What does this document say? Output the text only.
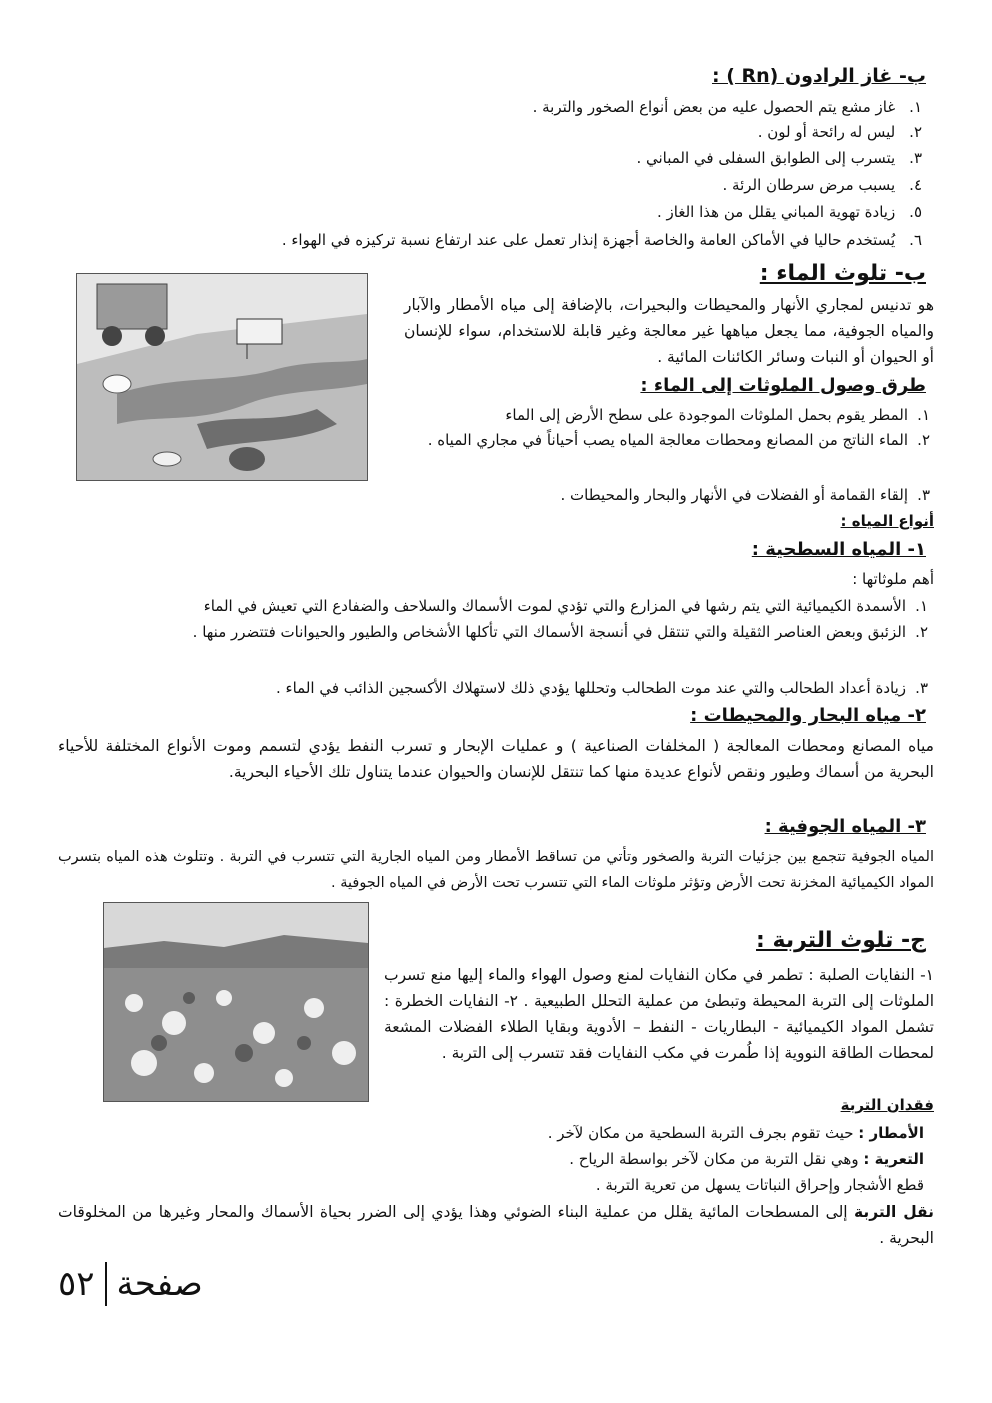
ب- غاز الرادون (Rn ) :
١. غاز مشع يتم الحصول عليه من بعض أنواع الصخور والتربة .
٢. ليس له رائحة أو لون .
٣. يتسرب إلى الطوابق السفلى في المباني .
٤. يسبب مرض سرطان الرئة .
٥. زيادة تهوية المباني يقلل من هذا الغاز .
٦. يُستخدم حاليا في الأماكن العامة والخاصة أجهزة إنذار تعمل على عند ارتفاع نسبة تركيزه في الهواء .
ب- تلوث الماء :
هو تدنيس لمجاري الأنهار والمحيطات والبحيرات، بالإضافة إلى مياه الأمطار والآبار والمياه الجوفية، مما يجعل مياهها غير معالجة وغير قابلة للاستخدام، سواء للإنسان أو الحيوان أو النبات وسائر الكائنات المائية .
طرق وصول الملوثات إلى الماء :
١.المطر يقوم بحمل الملوثات الموجودة على سطح الأرض إلى الماء
٢.الماء الناتج من المصانع ومحطات معالجة المياه يصب أحياناً في مجاري المياه .
٣.إلقاء القمامة أو الفضلات في الأنهار والبحار والمحيطات .
أنواع المياه :
١- المياه السطحية :
أهم ملوثاتها :
١.الأسمدة الكيميائية التي يتم رشها في المزارع والتي تؤدي لموت الأسماك والسلاحف والضفادع التي تعيش في الماء
٢.الزئبق وبعض العناصر الثقيلة والتي تنتقل في أنسجة الأسماك التي تأكلها الأشخاص والطيور والحيوانات فتتضرر منها .
٣.زيادة أعداد الطحالب والتي عند موت الطحالب وتحللها يؤدي ذلك لاستهلاك الأكسجين الذائب في الماء .
٢- مياه البحار والمحيطات :
مياه المصانع ومحطات المعالجة ( المخلفات الصناعية ) و عمليات الإبحار و تسرب النفط يؤدي لتسمم وموت الأنواع المختلفة للأحياء البحرية من أسماك وطيور ونقص لأنواع عديدة منها كما تنتقل للإنسان والحيوان عندما يتناول تلك الأحياء البحرية.
٣- المياه الجوفية :
المياه الجوفية تتجمع بين جزئيات التربة والصخور وتأتي من تساقط الأمطار ومن المياه الجارية التي تتسرب في التربة . وتتلوث هذه المياه بتسرب المواد الكيميائية المخزنة تحت الأرض وتؤثر ملوثات الماء التي تتسرب تحت الأرض في المياه الجوفية .
ج- تلوث التربة :
١- النفايات الصلبة : تطمر في مكان النفايات لمنع وصول الهواء والماء إليها منع تسرب الملوثات إلى التربة المحيطة وتبطئ من عملية التحلل الطبيعية . ٢- النفايات الخطرة : تشمل المواد الكيميائية - البطاريات - النفط – الأدوية وبقايا الطلاء الفضلات المشعة لمحطات الطاقة النووية إذا طُمرت في مكب النفايات فقد تتسرب إلى التربة .
فقدان التربة
الأمطار : حيث تقوم بجرف التربة السطحية من مكان لآخر .
التعرية : وهي نقل التربة من مكان لآخر بواسطة الرياح .
قطع الأشجار وإحراق النباتات يسهل من تعرية التربة .
نقل التربة إلى المسطحات المائية يقلل من عملية البناء الضوئي وهذا يؤدي إلى الضرر بحياة الأسماك والمحار وغيرها من المخلوقات البحرية .
٥٢ صفحة
